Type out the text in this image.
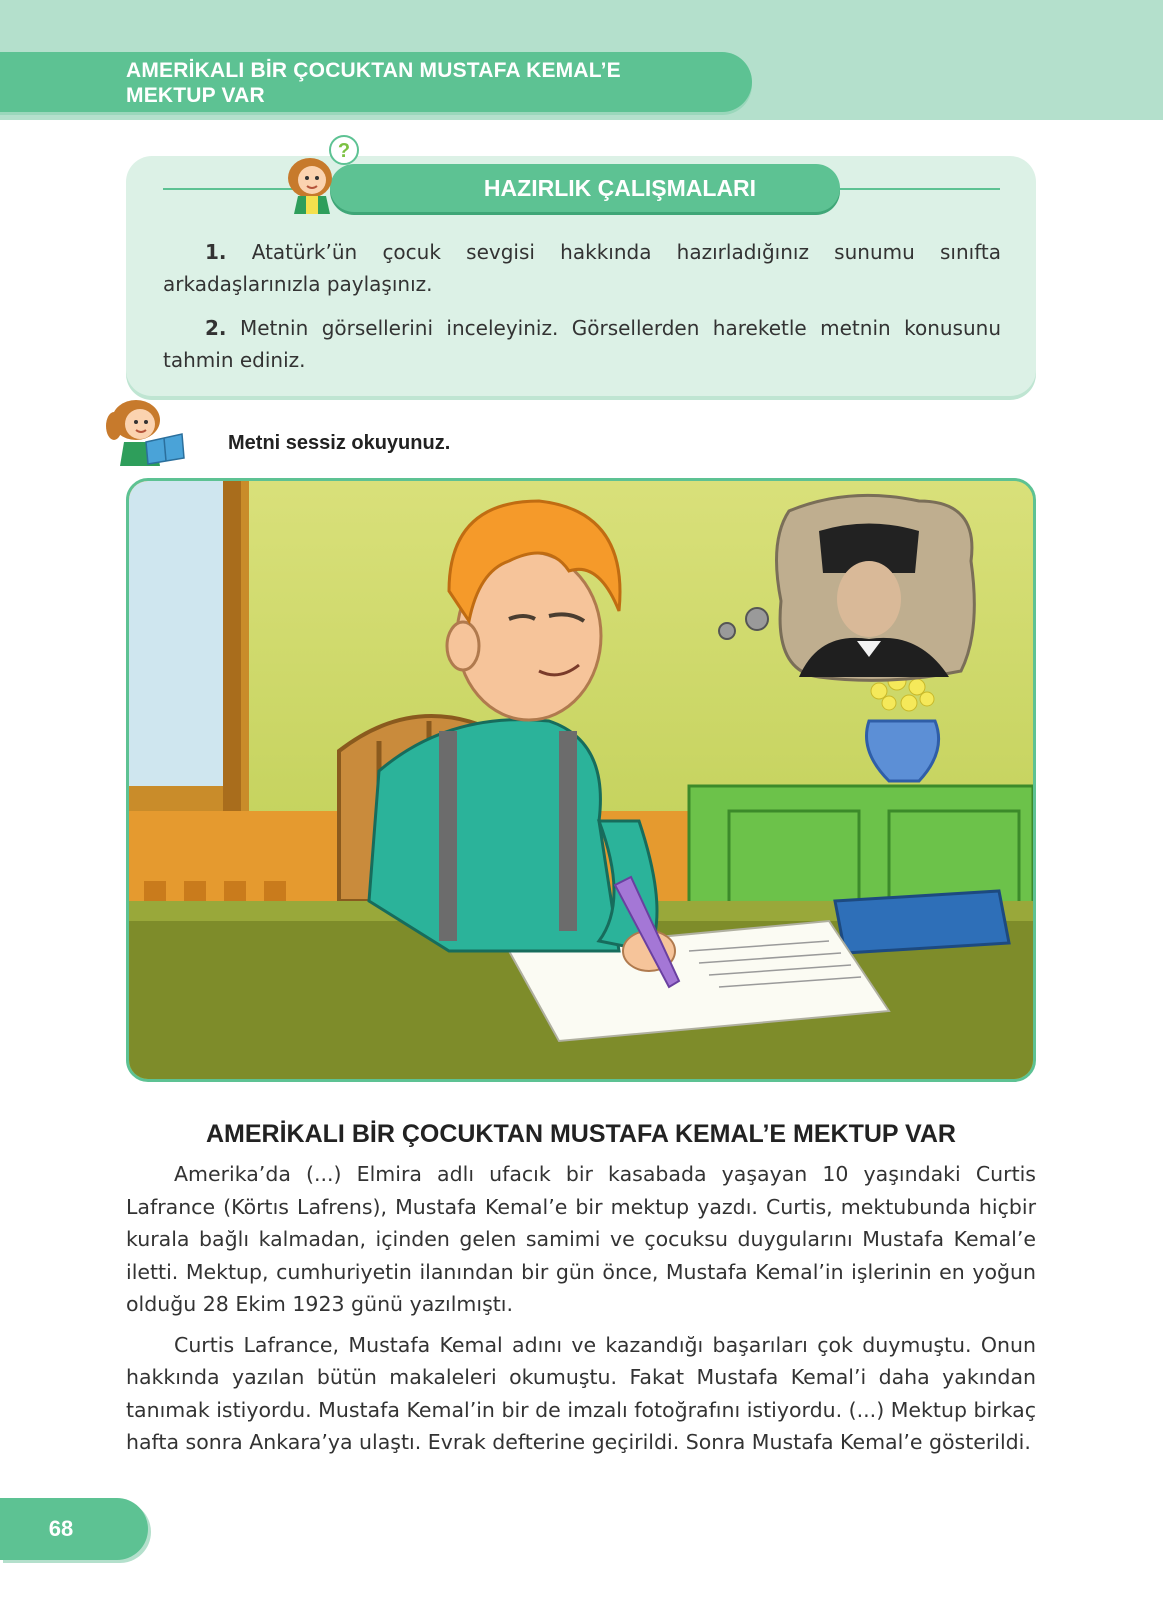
AMERİKALI BİR ÇOCUKTAN MUSTAFA KEMAL’E
MEKTUP VAR
HAZIRLIK ÇALIŞMALARI
?
1. Atatürk’ün çocuk sevgisi hakkında hazırladığınız sunumu sınıfta arkadaşlarınızla paylaşınız.
2. Metnin görsellerini inceleyiniz. Görsellerden hareketle metnin konusunu tahmin ediniz.

Metni sessiz okuyunuz.

AMERİKALI BİR ÇOCUKTAN MUSTAFA KEMAL’E MEKTUP VAR

Amerika’da (...) Elmira adlı ufacık bir kasabada yaşayan 10 yaşındaki Curtis Lafrance (Körtıs Lafrens), Mustafa Kemal’e bir mektup yazdı. Curtis, mektubunda hiçbir kurala bağlı kalmadan, içinden gelen samimi ve çocuksu duygularını Mustafa Kemal’e iletti. Mektup, cumhuriyetin ilanından bir gün önce, Mustafa Kemal’in işlerinin en yoğun olduğu 28 Ekim 1923 günü yazılmıştı.

Curtis Lafrance, Mustafa Kemal adını ve kazandığı başarıları çok duymuştu. Onun hakkında yazılan bütün makaleleri okumuştu. Fakat Mustafa Kemal’i daha yakından tanımak istiyordu. Mustafa Kemal’in bir de imzalı fotoğrafını istiyordu. (...) Mektup birkaç hafta sonra Ankara’ya ulaştı. Evrak defterine geçirildi. Sonra Mustafa Kemal’e gösterildi.

68
